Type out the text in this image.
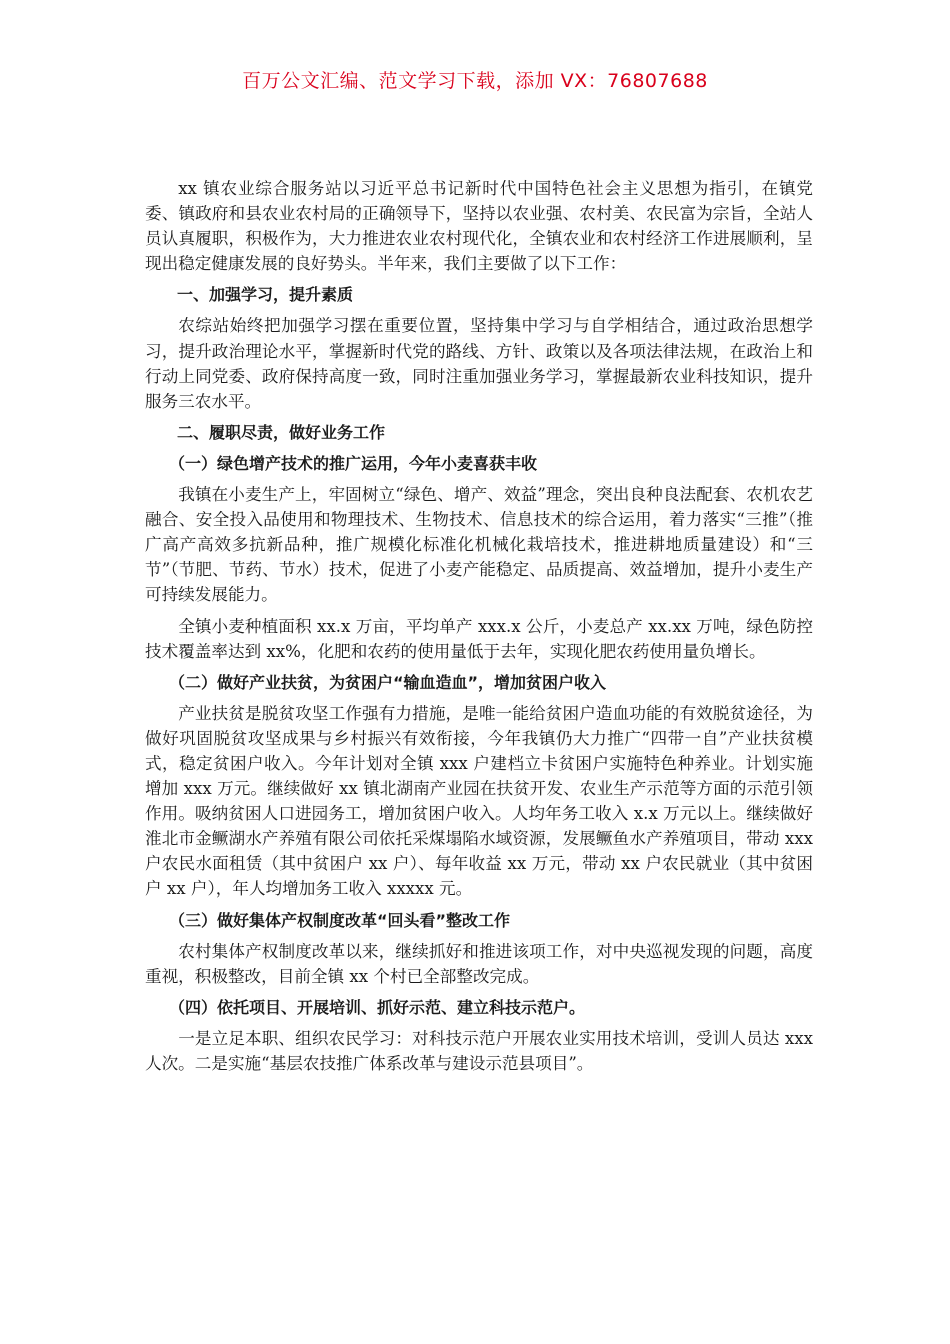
百万公文汇编、范文学习下载，添加 VX：76807688

xx 镇农业综合服务站以习近平总书记新时代中国特色社会主义思想为指引，在镇党委、镇政府和县农业农村局的正确领导下，坚持以农业强、农村美、农民富为宗旨，全站人员认真履职，积极作为，大力推进农业农村现代化，全镇农业和农村经济工作进展顺利，呈现出稳定健康发展的良好势头。半年来，我们主要做了以下工作：

一、加强学习，提升素质

农综站始终把加强学习摆在重要位置，坚持集中学习与自学相结合，通过政治思想学习，提升政治理论水平，掌握新时代党的路线、方针、政策以及各项法律法规，在政治上和行动上同党委、政府保持高度一致，同时注重加强业务学习，掌握最新农业科技知识，提升服务三农水平。

二、履职尽责，做好业务工作

（一）绿色增产技术的推广运用，今年小麦喜获丰收

我镇在小麦生产上，牢固树立“绿色、增产、效益”理念，突出良种良法配套、农机农艺融合、安全投入品使用和物理技术、生物技术、信息技术的综合运用，着力落实“三推”（推广高产高效多抗新品种，推广规模化标准化机械化栽培技术，推进耕地质量建设）和“三节”（节肥、节药、节水）技术，促进了小麦产能稳定、品质提高、效益增加，提升小麦生产可持续发展能力。

全镇小麦种植面积 xx.x 万亩，平均单产 xxx.x 公斤，小麦总产 xx.xx 万吨，绿色防控技术覆盖率达到 xx%，化肥和农药的使用量低于去年，实现化肥农药使用量负增长。

（二）做好产业扶贫，为贫困户“输血造血”，增加贫困户收入

产业扶贫是脱贫攻坚工作强有力措施，是唯一能给贫困户造血功能的有效脱贫途径，为做好巩固脱贫攻坚成果与乡村振兴有效衔接，今年我镇仍大力推广“四带一自”产业扶贫模式，稳定贫困户收入。今年计划对全镇 xxx 户建档立卡贫困户实施特色种养业。计划实施增加 xxx 万元。继续做好 xx 镇北湖南产业园在扶贫开发、农业生产示范等方面的示范引领作用。吸纳贫困人口进园务工，增加贫困户收入。人均年务工收入 x.x 万元以上。继续做好淮北市金鳜湖水产养殖有限公司依托采煤塌陷水域资源，发展鳜鱼水产养殖项目，带动 xxx 户农民水面租赁（其中贫困户 xx 户）、每年收益 xx 万元，带动 xx 户农民就业（其中贫困户 xx 户），年人均增加务工收入 xxxxx 元。

（三）做好集体产权制度改革“回头看”整改工作

农村集体产权制度改革以来，继续抓好和推进该项工作，对中央巡视发现的问题，高度重视，积极整改，目前全镇 xx 个村已全部整改完成。

（四）依托项目、开展培训、抓好示范、建立科技示范户。

一是立足本职、组织农民学习：对科技示范户开展农业实用技术培训，受训人员达 xxx 人次。二是实施“基层农技推广体系改革与建设示范县项目”。
